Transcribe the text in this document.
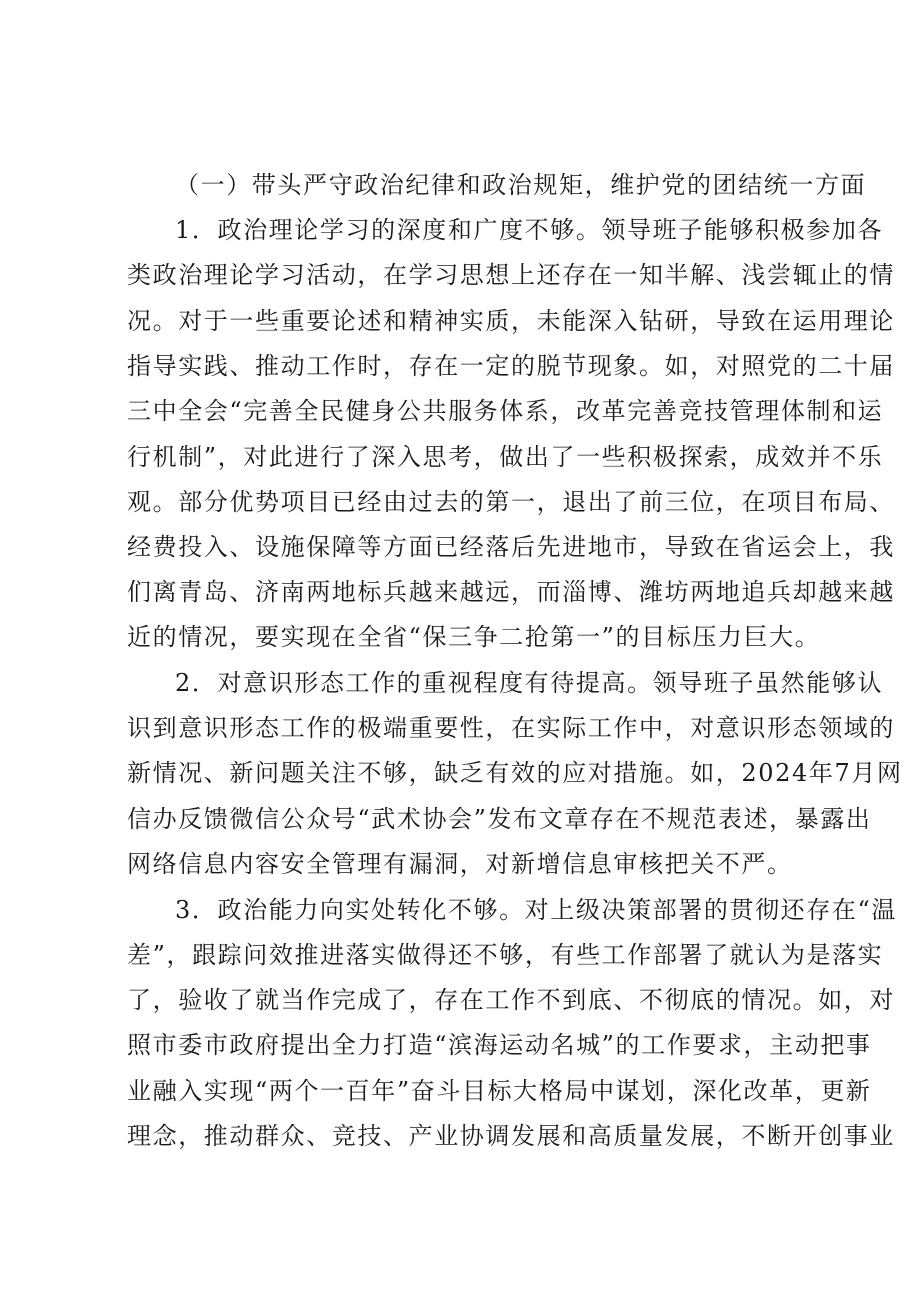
（一）带头严守政治纪律和政治规矩，维护党的团结统一方面
1．政治理论学习的深度和广度不够。领导班子能够积极参加各
类政治理论学习活动，在学习思想上还存在一知半解、浅尝辄止的情
况。对于一些重要论述和精神实质，未能深入钻研，导致在运用理论
指导实践、推动工作时，存在一定的脱节现象。如，对照党的二十届
三中全会“完善全民健身公共服务体系，改革完善竞技管理体制和运
行机制”，对此进行了深入思考，做出了一些积极探索，成效并不乐
观。部分优势项目已经由过去的第一，退出了前三位，在项目布局、
经费投入、设施保障等方面已经落后先进地市，导致在省运会上，我
们离青岛、济南两地标兵越来越远，而淄博、潍坊两地追兵却越来越
近的情况，要实现在全省“保三争二抢第一”的目标压力巨大。
2．对意识形态工作的重视程度有待提高。领导班子虽然能够认
识到意识形态工作的极端重要性，在实际工作中，对意识形态领域的
新情况、新问题关注不够，缺乏有效的应对措施。如，2024年7月网
信办反馈微信公众号“武术协会”发布文章存在不规范表述，暴露出
网络信息内容安全管理有漏洞，对新增信息审核把关不严。
3．政治能力向实处转化不够。对上级决策部署的贯彻还存在“温
差”，跟踪问效推进落实做得还不够，有些工作部署了就认为是落实
了，验收了就当作完成了，存在工作不到底、不彻底的情况。如，对
照市委市政府提出全力打造“滨海运动名城”的工作要求，主动把事
业融入实现“两个一百年”奋斗目标大格局中谋划，深化改革，更新
理念，推动群众、竞技、产业协调发展和高质量发展，不断开创事业
